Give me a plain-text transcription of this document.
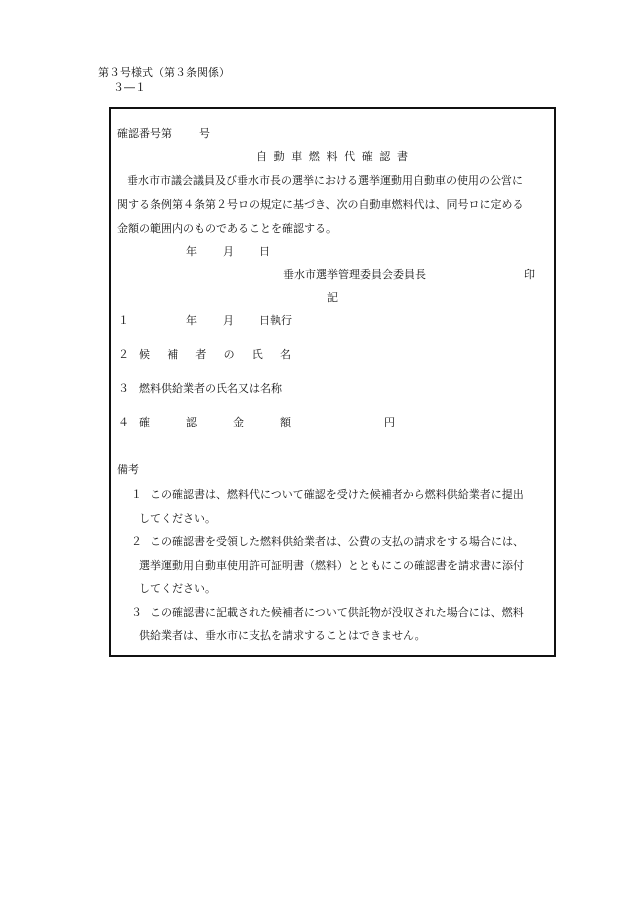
第３号様式（第３条関係）
３―１
確認番号第 号
自 動 車 燃 料 代 確 認 書
垂水市市議会議員及び垂水市長の選挙における選挙運動用自動車の使用の公営に
関する条例第４条第２号ロの規定に基づき、次の自動車燃料代は、同号ロに定める
金額の範囲内のものであることを確認する。
年 月 日
垂水市選挙管理委員会委員長	印
記
１	年 月 日執行
２ 候 補 者 の 氏 名
３ 燃料供給業者の氏名又は名称
４ 確	認	金	額	円
備考
１ この確認書は、燃料代について確認を受けた候補者から燃料供給業者に提出
してください。
２ この確認書を受領した燃料供給業者は、公費の支払の請求をする場合には、
選挙運動用自動車使用許可証明書（燃料）とともにこの確認書を請求書に添付
してください。
３ この確認書に記載された候補者について供託物が没収された場合には、燃料
供給業者は、垂水市に支払を請求することはできません。
